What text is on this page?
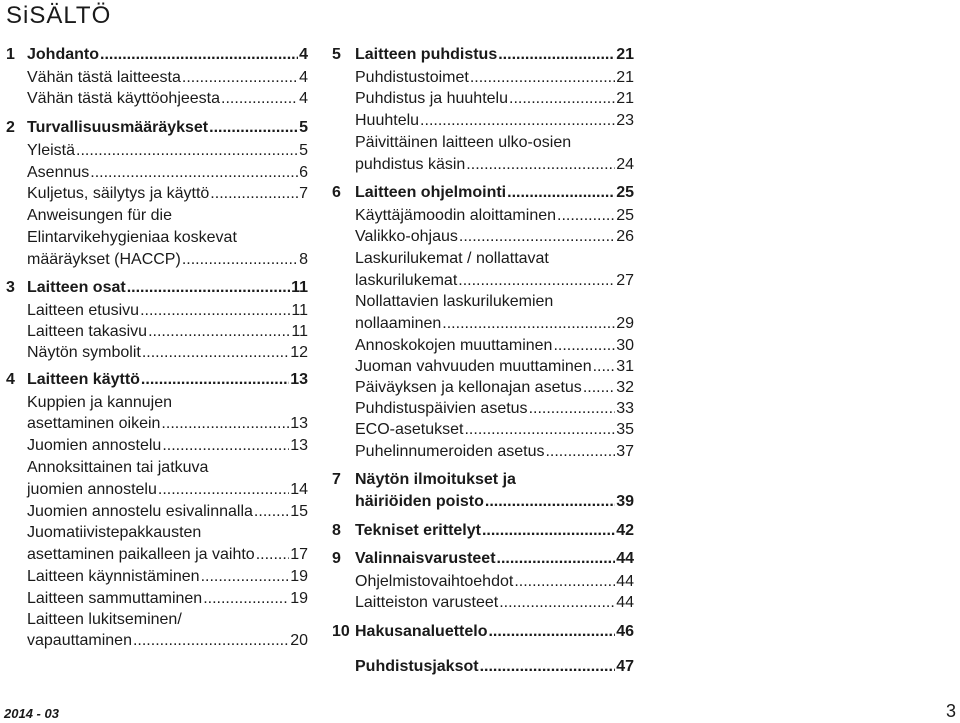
SiSÄLTÖ
1 Johdanto .....	4
Vähän tästä laitteesta .....	4
Vähän tästä käyttöohjeesta .....	4
2 Turvallisuusmääräykset .....	5
Yleistä .....	5
Asennus .....	6
Kuljetus, säilytys ja käyttö .....	7
Anweisungen für die
Elintarvikehygieniaa koskevat
määräykset (HACCP) .....	8
3 Laitteen osat .....	11
Laitteen etusivu .....	11
Laitteen takasivu .....	11
Näytön symbolit .....	12
4 Laitteen käyttö .....	13
Kuppien ja kannujen
asettaminen oikein .....	13
Juomien annostelu .....	13
Annoksittainen tai jatkuva
juomien annostelu .....	14
Juomien annostelu esivalinnalla ..... 15
Juomatiivistepakkausten
asettaminen paikalleen ja vaihto ..... 17
Laitteen käynnistäminen .....	19
Laitteen sammuttaminen .....	19
Laitteen lukitseminen/
vapauttaminen .....	20
5 Laitteen puhdistus .....	21
Puhdistustoimet .....	21
Puhdistus ja huuhtelu .....	21
Huuhtelu .....	23
Päivittäinen laitteen ulko-osien
puhdistus käsin .....	24
6 Laitteen ohjelmointi .....	25
Käyttäjämoodin aloittaminen .....	25
Valikko-ohjaus .....	26
Laskurilukemat / nollattavat
laskurilukemat .....	27
Nollattavien laskurilukemien
nollaaminen .....	29
Annoskokojen muuttaminen .....	30
Juoman vahvuuden muuttaminen ..... 31
Päiväyksen ja kellonajan asetus ..... 32
Puhdistuspäivien asetus .....	33
ECO-asetukset .....	35
Puhelinnumeroiden asetus .....	37
7 Näytön ilmoitukset ja
häiriöiden poisto .....	39
8 Tekniset erittelyt .....	42
9 Valinnaisvarusteet .....	44
Ohjelmistovaihtoehdot .....	44
Laitteiston varusteet .....	44
10 Hakusanaluettelo .....	46
Puhdistusjaksot .....	47
2014 - 03	3
